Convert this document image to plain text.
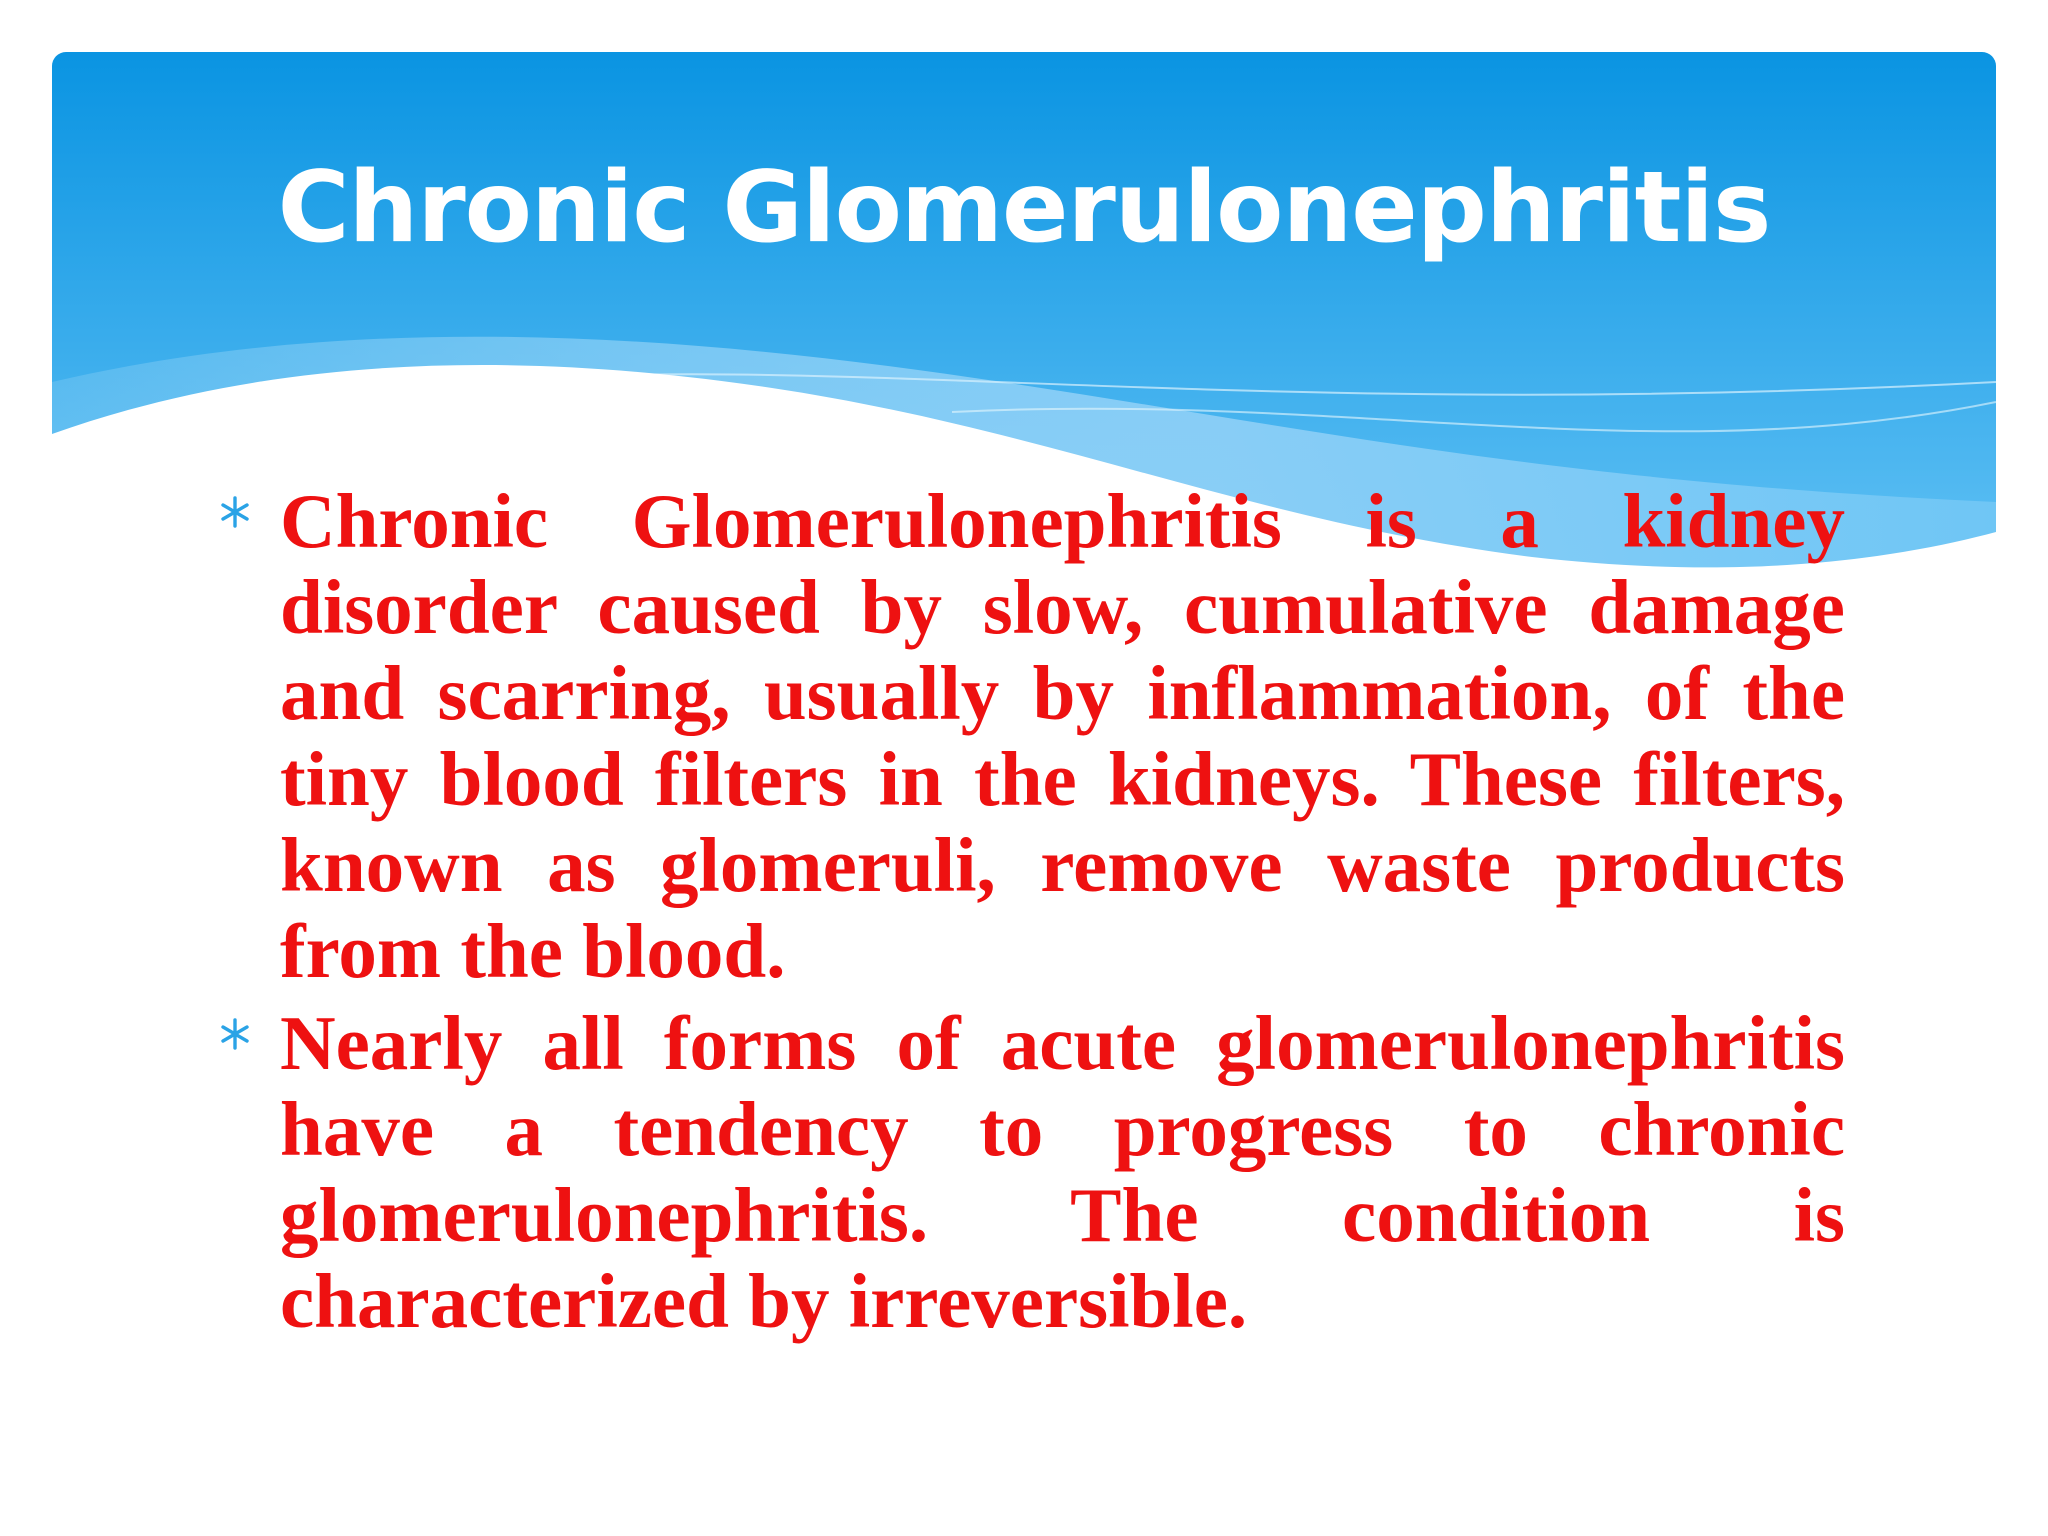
Chronic Glomerulonephritis
Chronic Glomerulonephritis is a kidney disorder caused by slow, cumulative damage and scarring, usually by inflammation, of the tiny blood filters in the kidneys. These filters, known as glomeruli, remove waste products from the blood.
Nearly all forms of acute glomerulonephritis have a tendency to progress to chronic glomerulonephritis. The condition is characterized by irreversible.
